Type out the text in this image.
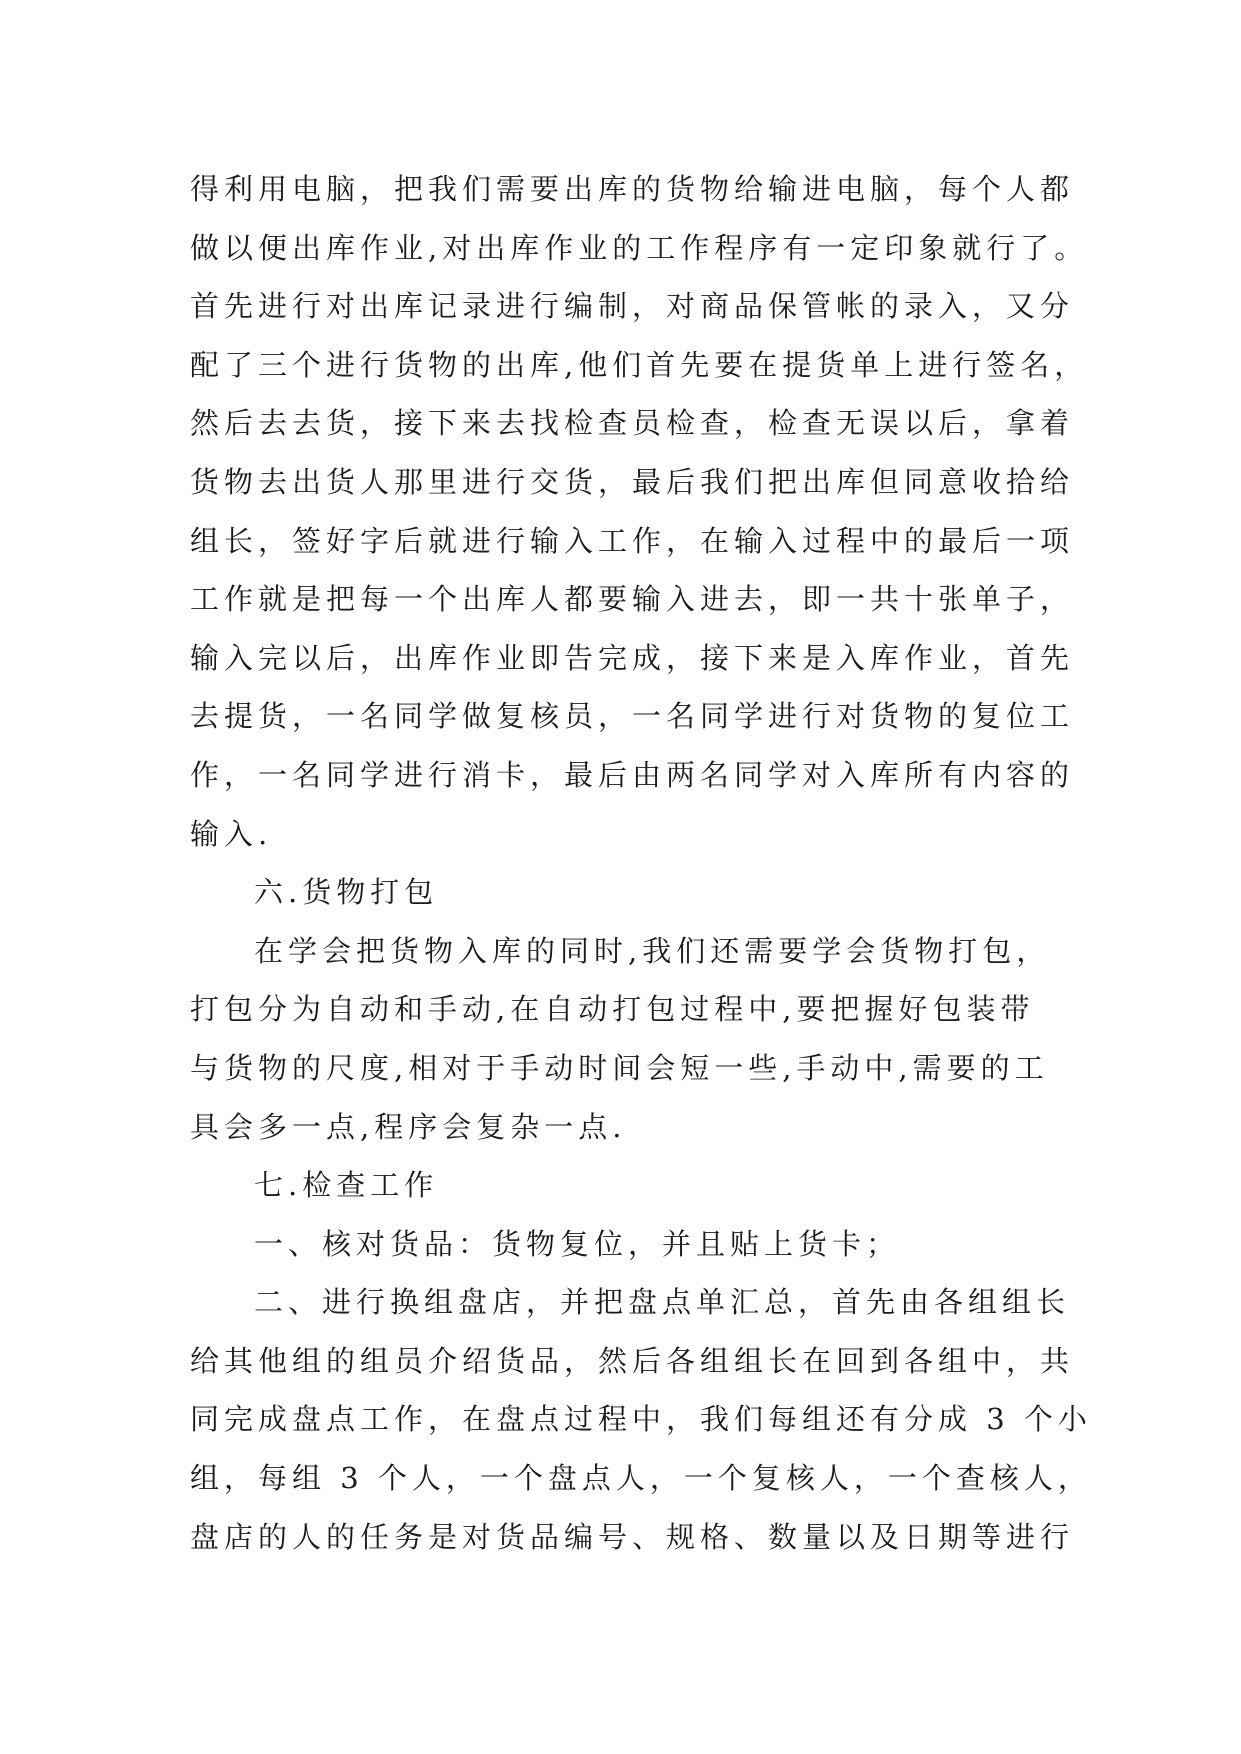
得利用电脑，把我们需要出库的货物给输进电脑，每个人都
做以便出库作业,对出库作业的工作程序有一定印象就行了。
首先进行对出库记录进行编制，对商品保管帐的录入，又分
配了三个进行货物的出库,他们首先要在提货单上进行签名，
然后去去货，接下来去找检查员检查，检查无误以后，拿着
货物去出货人那里进行交货，最后我们把出库但同意收拾给
组长，签好字后就进行输入工作，在输入过程中的最后一项
工作就是把每一个出库人都要输入进去，即一共十张单子，
输入完以后，出库作业即告完成，接下来是入库作业，首先
去提货，一名同学做复核员，一名同学进行对货物的复位工
作，一名同学进行消卡，最后由两名同学对入库所有内容的
输入.
六.货物打包
在学会把货物入库的同时,我们还需要学会货物打包，
打包分为自动和手动,在自动打包过程中,要把握好包装带
与货物的尺度,相对于手动时间会短一些,手动中,需要的工
具会多一点,程序会复杂一点.
七.检查工作
一、核对货品：货物复位，并且贴上货卡；
二、进行换组盘店，并把盘点单汇总，首先由各组组长
给其他组的组员介绍货品，然后各组组长在回到各组中，共
同完成盘点工作，在盘点过程中，我们每组还有分成 3 个小
组，每组 3 个人，一个盘点人，一个复核人，一个查核人，
盘店的人的任务是对货品编号、规格、数量以及日期等进行
